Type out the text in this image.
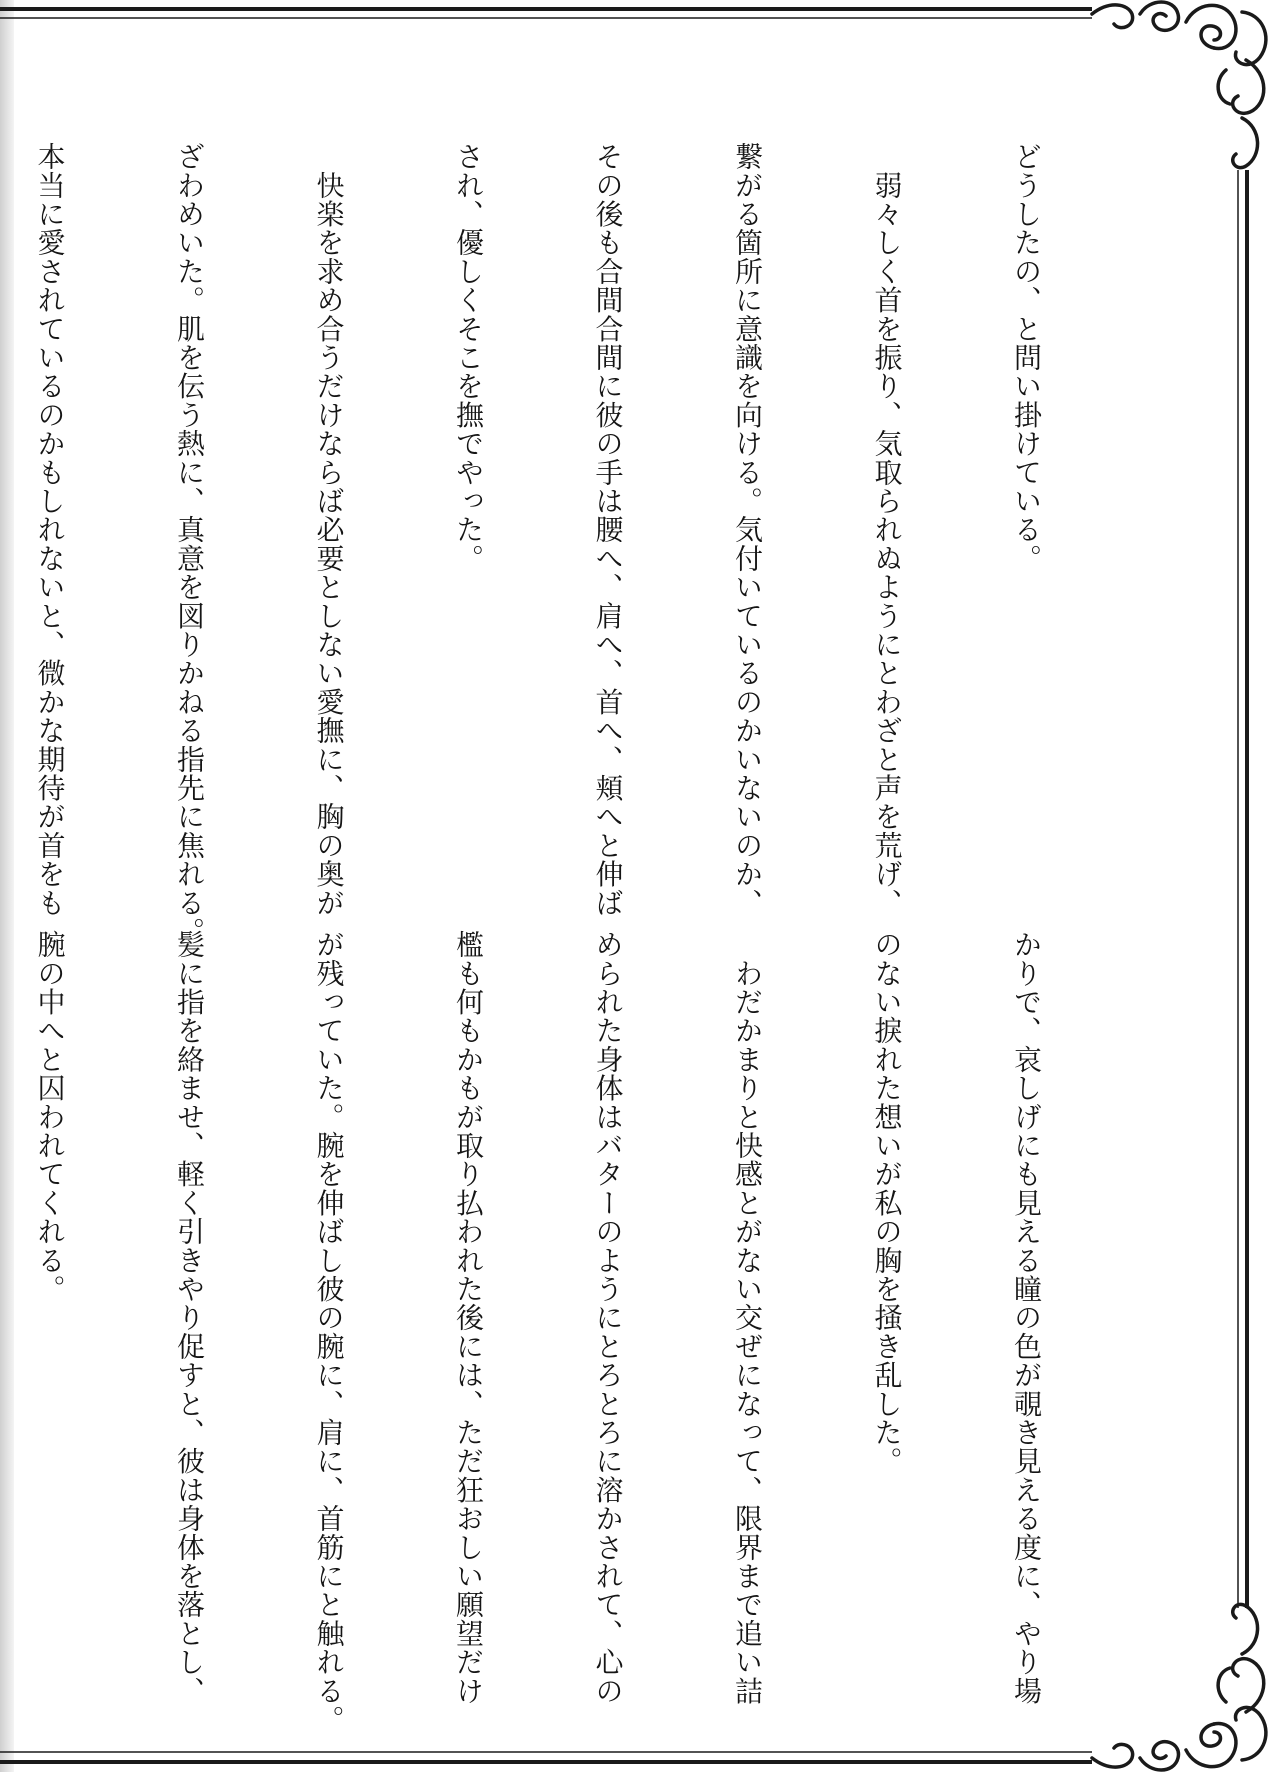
どうしたの、と問い掛けている。

　弱々しく首を振り、気取られぬようにとわざと声を荒げ、

繋がる箇所に意識を向ける。気付いているのかいないのか、

その後も合間合間に彼の手は腰へ、肩へ、首へ、頬へと伸ば

され、優しくそこを撫でやった。

　快楽を求め合うだけならば必要としない愛撫に、胸の奥が

ざわめいた。肌を伝う熱に、真意を図りかねる指先に焦れる。

本当に愛されているのかもしれないと、微かな期待が首をも

かりで、哀しげにも見える瞳の色が覗き見える度に、やり場

のない捩れた想いが私の胸を掻き乱した。

　わだかまりと快感とがない交ぜになって、限界まで追い詰

められた身体はバターのようにとろとろに溶かされて、心の

檻も何もかもが取り払われた後には、ただ狂おしい願望だけ

が残っていた。腕を伸ばし彼の腕に、肩に、首筋にと触れる。

髪に指を絡ませ、軽く引きやり促すと、彼は身体を落とし、

腕の中へと囚われてくれる。
